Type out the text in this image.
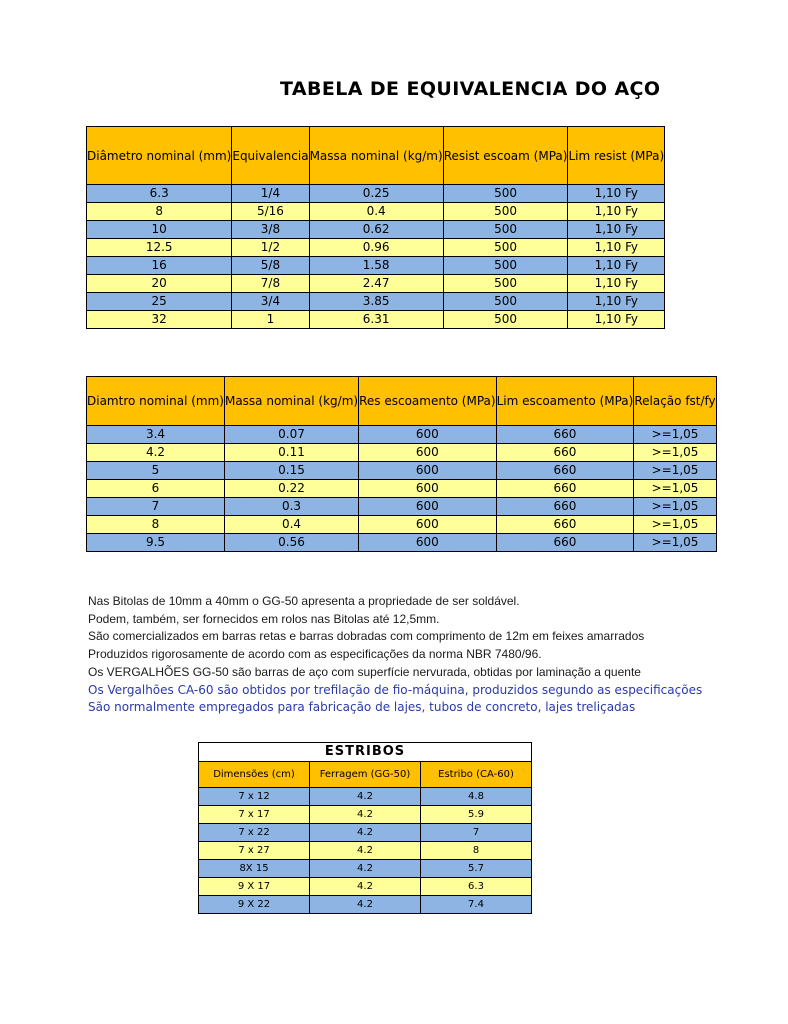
TABELA DE EQUIVALENCIA DO AÇO
Diâmetro nominal (mm)	Equivalencia	Massa nominal (kg/m)	Resist escoam (MPa)	Lim resist (MPa)
6.3	1/4	0.25	500	1,10 Fy
8	5/16	0.4	500	1,10 Fy
10	3/8	0.62	500	1,10 Fy
12.5	1/2	0.96	500	1,10 Fy
16	5/8	1.58	500	1,10 Fy
20	7/8	2.47	500	1,10 Fy
25	3/4	3.85	500	1,10 Fy
32	1	6.31	500	1,10 Fy
Diamtro nominal (mm)	Massa nominal (kg/m)	Res escoamento (MPa)	Lim escoamento (MPa)	Relação fst/fy
3.4	0.07	600	660	>=1,05
4.2	0.11	600	660	>=1,05
5	0.15	600	660	>=1,05
6	0.22	600	660	>=1,05
7	0.3	600	660	>=1,05
8	0.4	600	660	>=1,05
9.5	0.56	600	660	>=1,05
Nas Bitolas de 10mm a 40mm o GG-50 apresenta a propriedade de ser soldável.
Podem, também, ser fornecidos em rolos nas Bitolas até 12,5mm.
São comercializados em barras retas e barras dobradas com comprimento de 12m em feixes amarrados
Produzidos rigorosamente de acordo com as especificações da norma NBR 7480/96.
Os VERGALHÕES GG-50 são barras de aço com superfície nervurada, obtidas por laminação a quente
Os Vergalhões CA-60 são obtidos por trefilação de fio-máquina, produzidos segundo as especificações
São normalmente empregados para fabricação de lajes, tubos de concreto, lajes treliçadas
ESTRIBOS		
Dimensões (cm)	Ferragem (GG-50)	Estribo (CA-60)
7 x 12	4.2	4.8
7 x 17	4.2	5.9
7 x 22	4.2	7
7 x 27	4.2	8
8X 15	4.2	5.7
9 X 17	4.2	6.3
9 X 22	4.2	7.4
